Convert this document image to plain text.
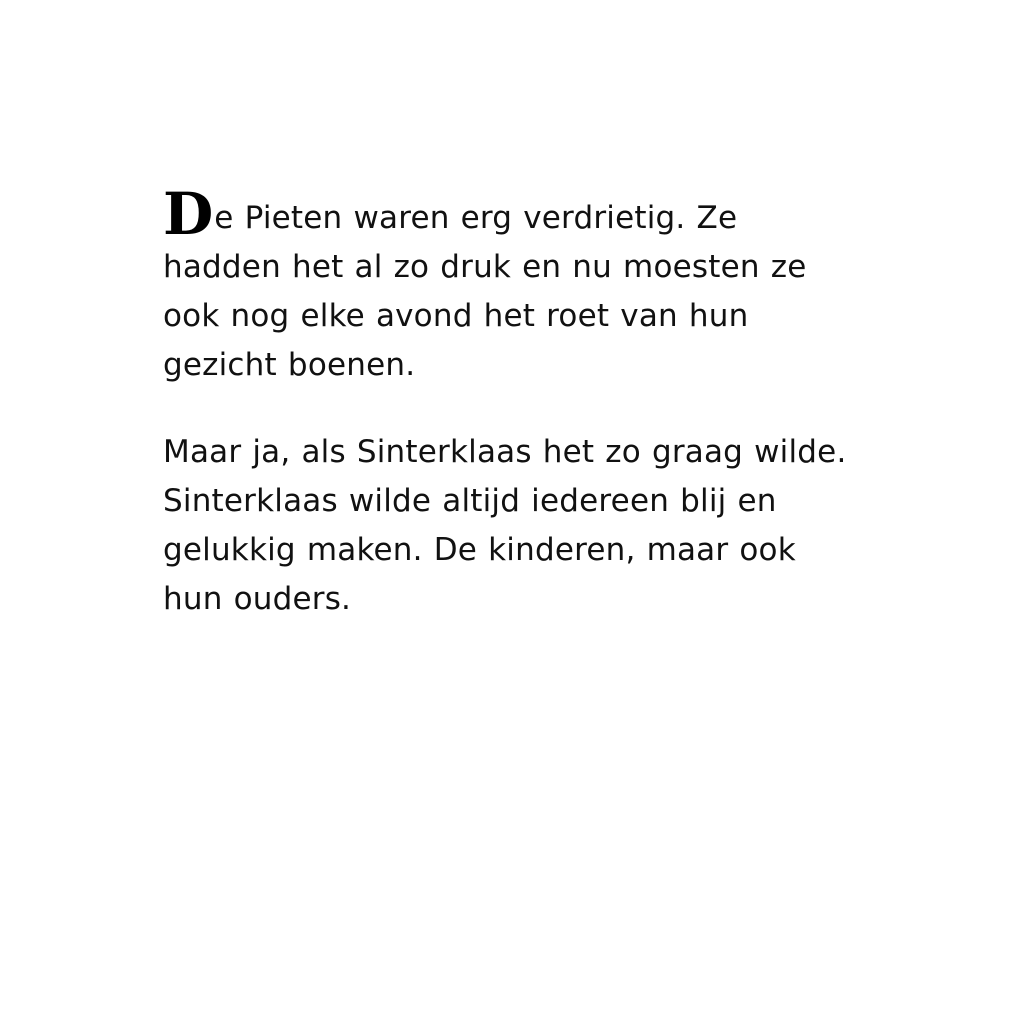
De Pieten waren erg verdrietig. Ze hadden het al zo druk en nu moesten ze ook nog elke avond het roet van hun gezicht boenen.

Maar ja, als Sinterklaas het zo graag wilde. Sinterklaas wilde altijd iedereen blij en gelukkig maken. De kinderen, maar ook hun ouders.
